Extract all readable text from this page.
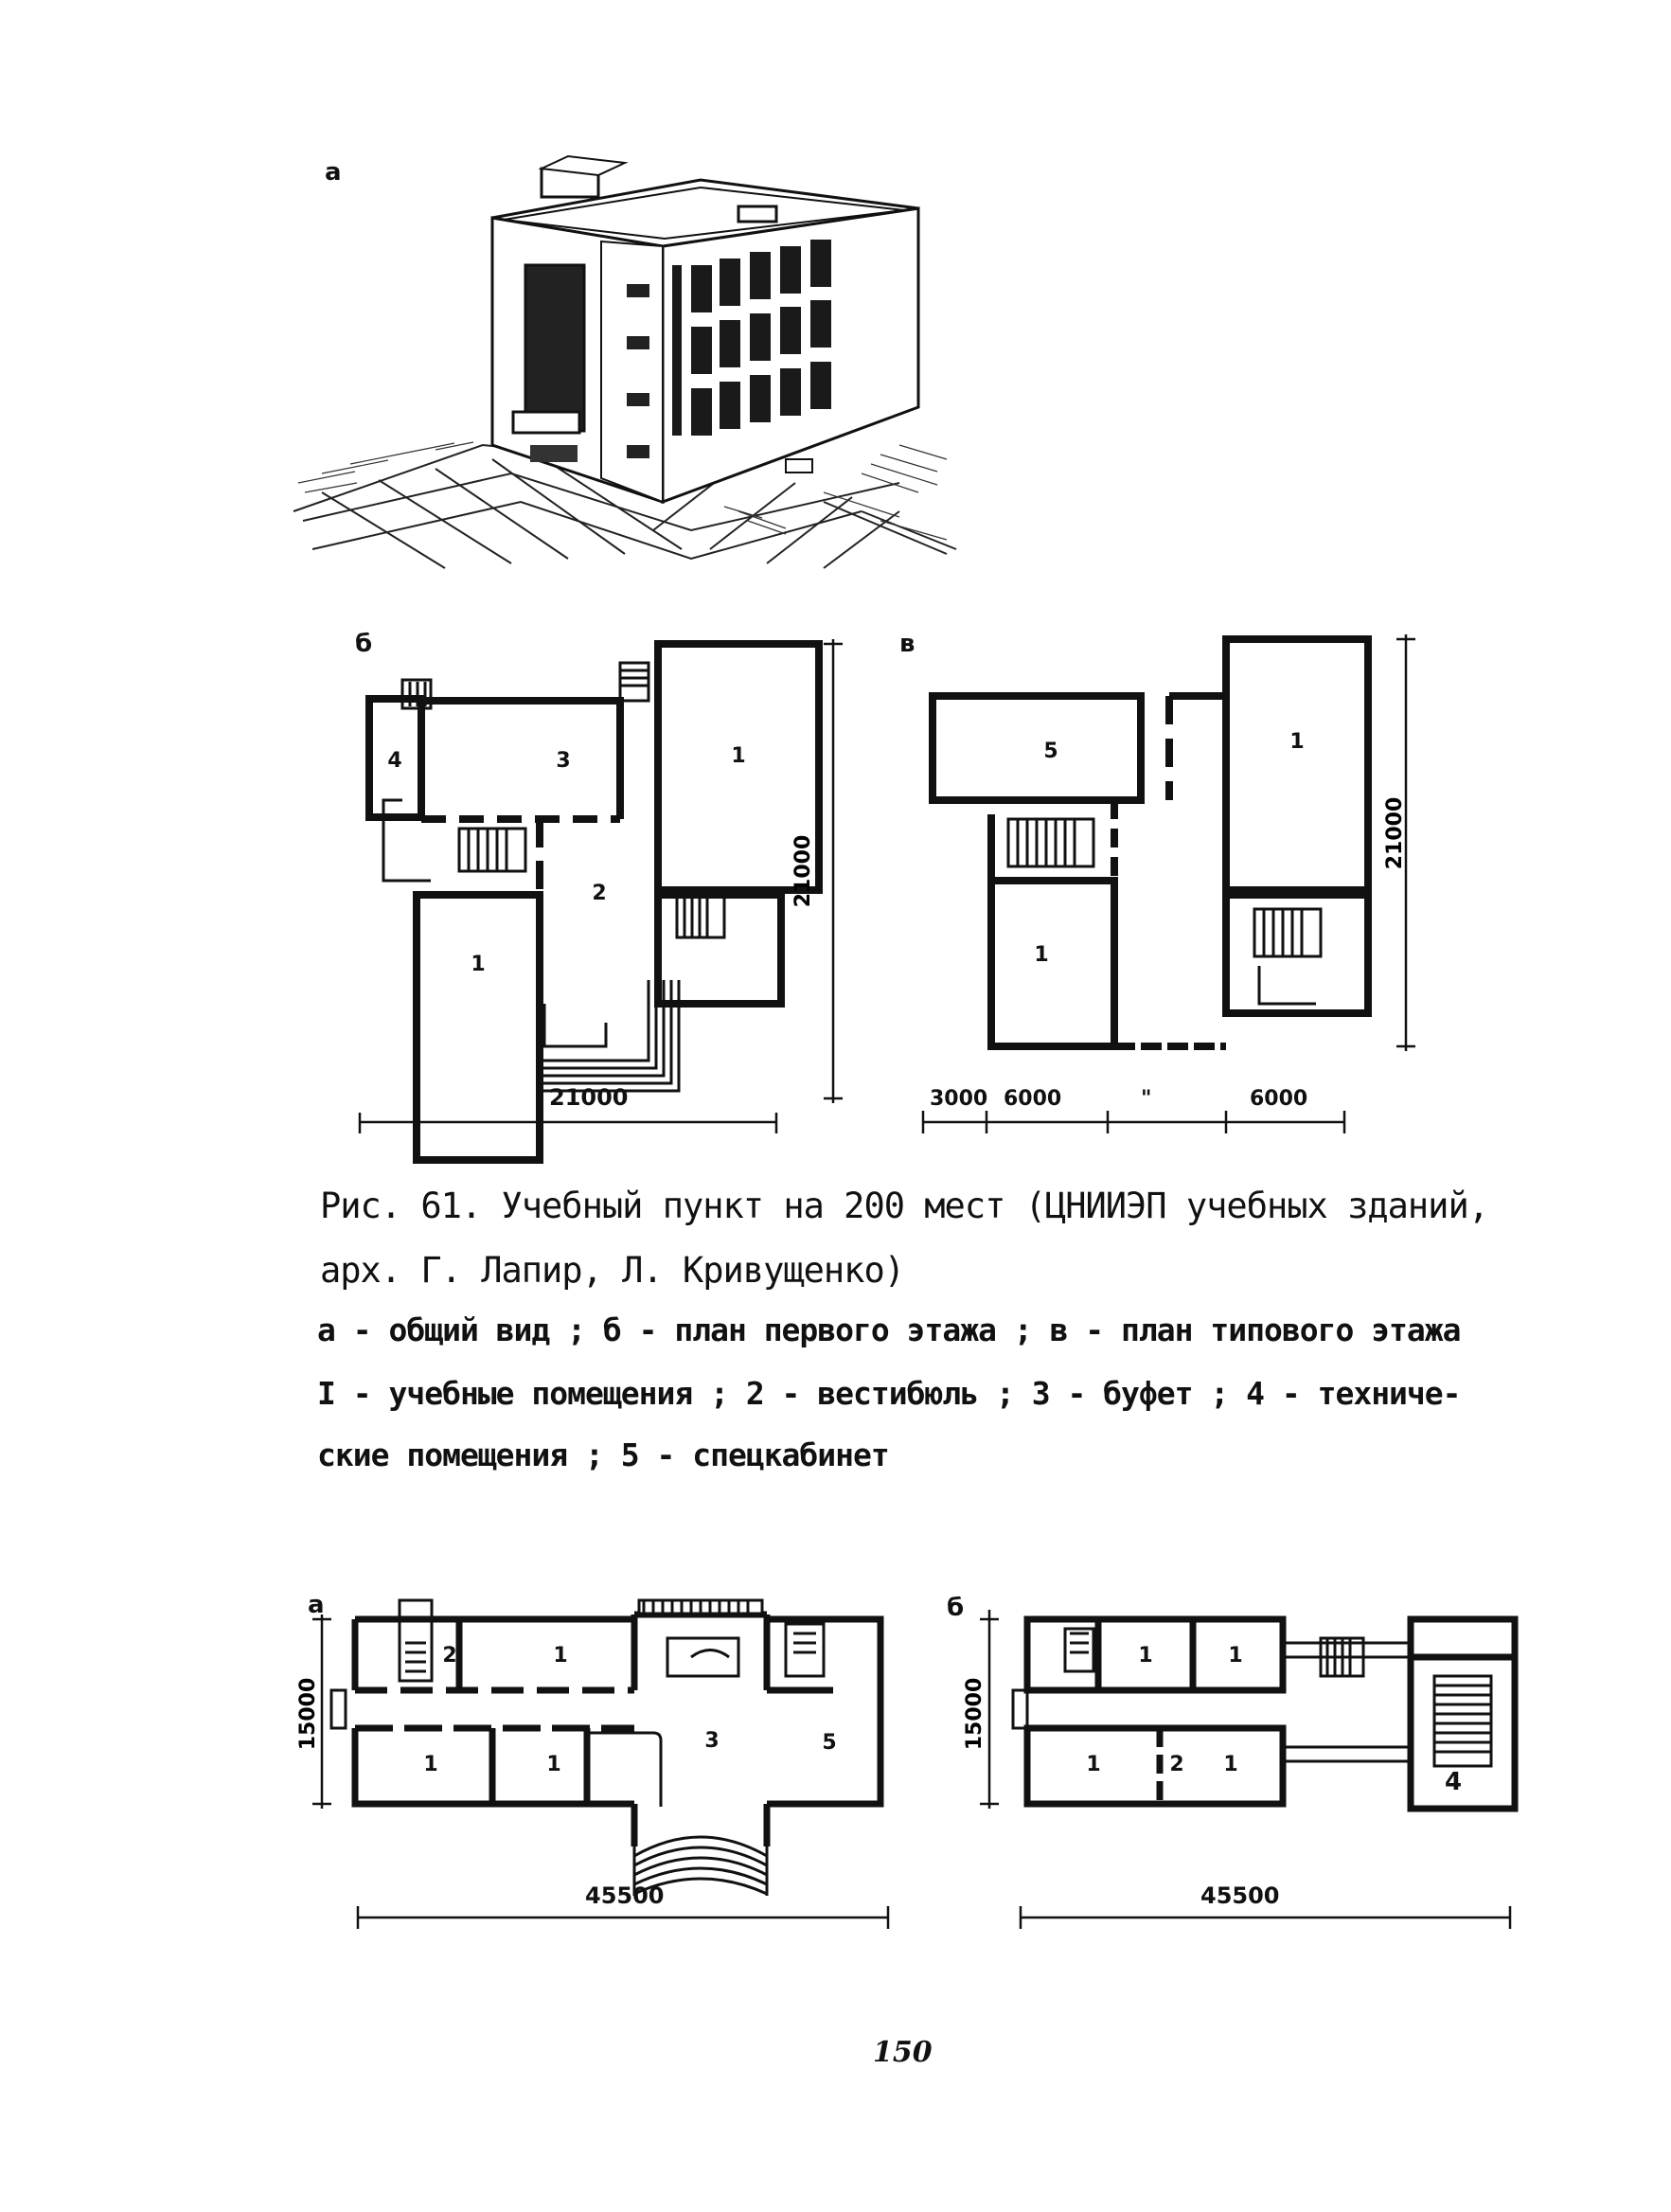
а
б
4	3	1
2
1
21000
21000
в
5	1
1
21000
3000 6000	"	6000
Рис. 61. Учебный пункт на 200 мест (ЦНИИЭП учебных зданий,
арх. Г. Лапир, Л. Кривущенко)
а - общий вид ; б - план первого этажа ; в - план типового этажа
I - учебные помещения ; 2 - вестибюль ; 3 - буфет ; 4 - техниче-
ские помещения ; 5 - спецкабинет
а
2	1
3
1	1
5
15000
45500
б
1	1
1	2 1
4
15000
45500
150
